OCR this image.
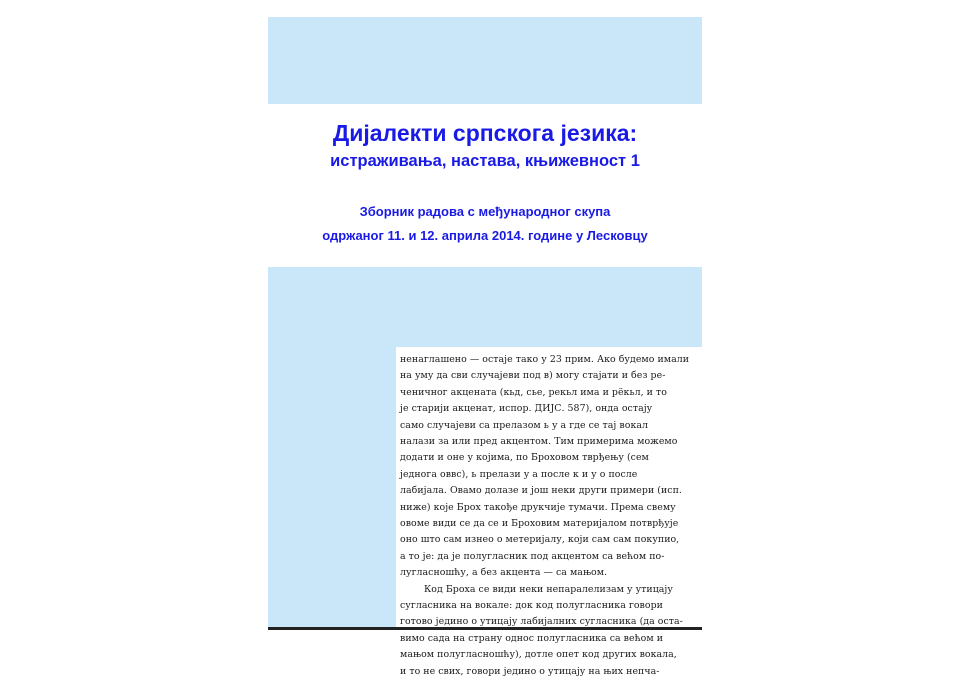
Дијалекти српскога језика:
истраживања, настава, књижевност 1
Зборник радова с међународног скупа
одржаног 11. и 12. априла 2014. године у Лесковцу
ненаглашено — остаје тако у 23 прим. Ако будемо имали
на уму да сви случајеви под в) могу стајати и без ре-
ченичног акцената (кьд, сье, рекьл има и рёкьл, и то
је старији акценат, испор. ДИЈС. 587), онда остају
само случајеви са прелазом ь у а где се тај вокал
налази за или пред акцентом. Тим примерима можемо
додати и оне у којима, по Броховом тврђењу (сем
једнога оввс), ь прелази у а после к и у о после
лабијала. Овамо долазе и још неки други примери (исп.
ниже) које Брох такође друкчије тумачи. Према свему
овоме види се да се и Броховим материјалом потврђује
оно што сам изнео о метеријалу, који сам сам покупио,
а то је: да је полугласник под акцентом са већом по-
лугласношћу, а без акцента — са мањом.
Код Броха се види неки непаралелизам у утицају
сугласника на вокале: док код полугласника говори
готово једино о утицају лабијалних сугласника (да оста-
вимо сада на страну однос полугласника са већом и
мањом полугласношћу), дотле опет код других вокала,
и то не свих, говори једино о утицају на њих непча-
